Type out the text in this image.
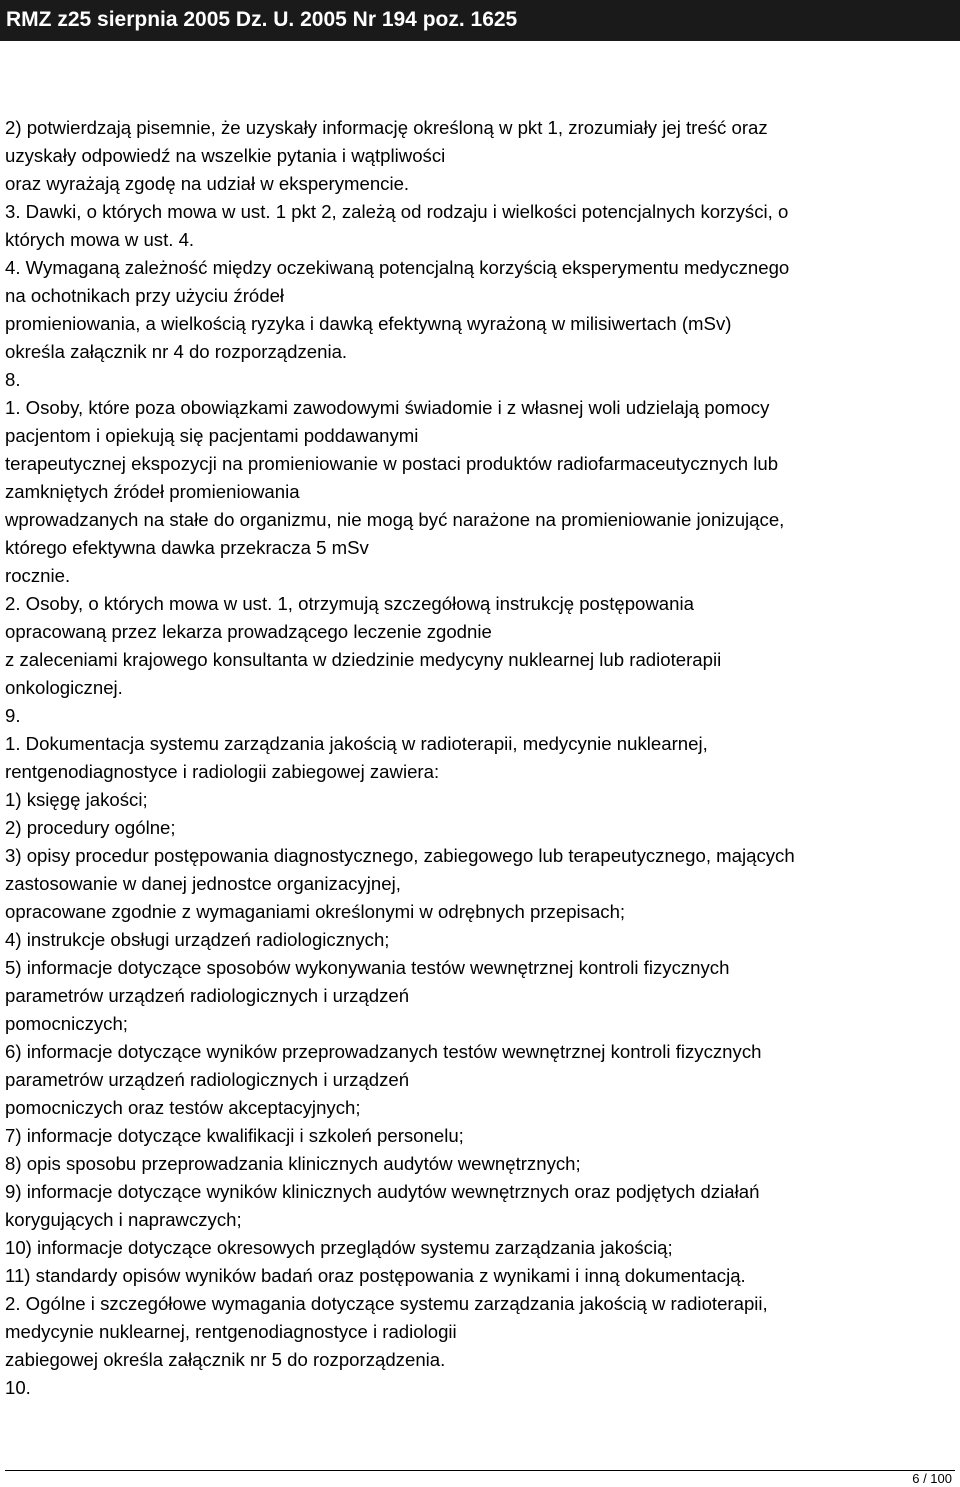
RMZ z25 sierpnia 2005 Dz. U. 2005 Nr 194 poz. 1625
2) potwierdzają pisemnie, że uzyskały informację określoną w pkt 1, zrozumiały jej treść oraz
uzyskały odpowiedź na wszelkie pytania i wątpliwości
oraz wyrażają zgodę na udział w eksperymencie.
3. Dawki, o których mowa w ust. 1 pkt 2, zależą od rodzaju i wielkości potencjalnych korzyści, o
których mowa w ust. 4.
4. Wymaganą zależność między oczekiwaną potencjalną korzyścią eksperymentu medycznego
na ochotnikach przy użyciu źródeł
promieniowania, a wielkością ryzyka i dawką efektywną wyrażoną w milisiwertach (mSv)
określa załącznik nr 4 do rozporządzenia.
8.
1. Osoby, które poza obowiązkami zawodowymi świadomie i z własnej woli udzielają pomocy
pacjentom i opiekują się pacjentami poddawanymi
terapeutycznej ekspozycji na promieniowanie w postaci produktów radiofarmaceutycznych lub
zamkniętych źródeł promieniowania
wprowadzanych na stałe do organizmu, nie mogą być narażone na promieniowanie jonizujące,
którego efektywna dawka przekracza 5 mSv
rocznie.
2. Osoby, o których mowa w ust. 1, otrzymują szczegółową instrukcję postępowania
opracowaną przez lekarza prowadzącego leczenie zgodnie
z zaleceniami krajowego konsultanta w dziedzinie medycyny nuklearnej lub radioterapii
onkologicznej.
9.
1. Dokumentacja systemu zarządzania jakością w radioterapii, medycynie nuklearnej,
rentgenodiagnostyce i radiologii zabiegowej zawiera:
1) księgę jakości;
2) procedury ogólne;
3) opisy procedur postępowania diagnostycznego, zabiegowego lub terapeutycznego, mających
zastosowanie w danej jednostce organizacyjnej,
opracowane zgodnie z wymaganiami określonymi w odrębnych przepisach;
4) instrukcje obsługi urządzeń radiologicznych;
5) informacje dotyczące sposobów wykonywania testów wewnętrznej kontroli fizycznych
parametrów urządzeń radiologicznych i urządzeń
pomocniczych;
6) informacje dotyczące wyników przeprowadzanych testów wewnętrznej kontroli fizycznych
parametrów urządzeń radiologicznych i urządzeń
pomocniczych oraz testów akceptacyjnych;
7) informacje dotyczące kwalifikacji i szkoleń personelu;
8) opis sposobu przeprowadzania klinicznych audytów wewnętrznych;
9) informacje dotyczące wyników klinicznych audytów wewnętrznych oraz podjętych działań
korygujących i naprawczych;
10) informacje dotyczące okresowych przeglądów systemu zarządzania jakością;
11) standardy opisów wyników badań oraz postępowania z wynikami i inną dokumentacją.
2. Ogólne i szczegółowe wymagania dotyczące systemu zarządzania jakością w radioterapii,
medycynie nuklearnej, rentgenodiagnostyce i radiologii
zabiegowej określa załącznik nr 5 do rozporządzenia.
10.
6 / 100
